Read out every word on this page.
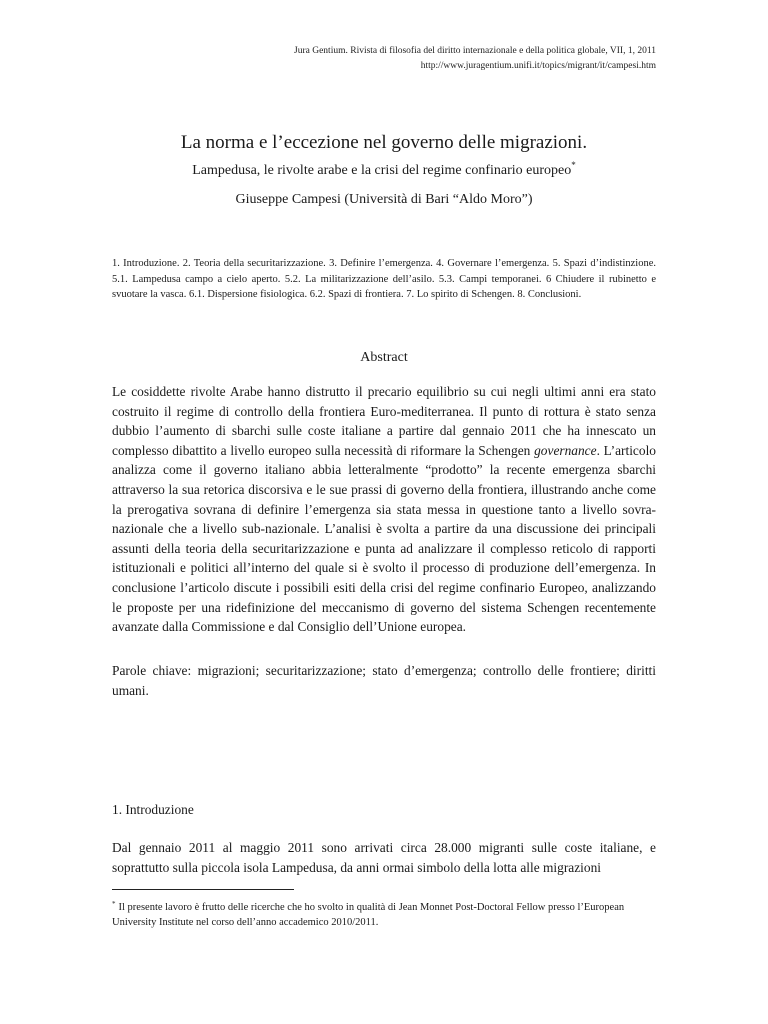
Jura Gentium. Rivista di filosofia del diritto internazionale e della politica globale, VII, 1, 2011
http://www.juragentium.unifi.it/topics/migrant/it/campesi.htm
La norma e l’eccezione nel governo delle migrazioni.
Lampedusa, le rivolte arabe e la crisi del regime confinario europeo*
Giuseppe Campesi (Università di Bari “Aldo Moro”)
1. Introduzione. 2. Teoria della securitarizzazione. 3. Definire l’emergenza. 4. Governare l’emergenza. 5. Spazi d’indistinzione. 5.1. Lampedusa campo a cielo aperto. 5.2. La militarizzazione dell’asilo. 5.3. Campi temporanei. 6 Chiudere il rubinetto e svuotare la vasca. 6.1. Dispersione fisiologica. 6.2. Spazi di frontiera. 7. Lo spirito di Schengen. 8. Conclusioni.
Abstract
Le cosiddette rivolte Arabe hanno distrutto il precario equilibrio su cui negli ultimi anni era stato costruito il regime di controllo della frontiera Euro-mediterranea. Il punto di rottura è stato senza dubbio l’aumento di sbarchi sulle coste italiane a partire dal gennaio 2011 che ha innescato un complesso dibattito a livello europeo sulla necessità di riformare la Schengen governance. L’articolo analizza come il governo italiano abbia letteralmente “prodotto” la recente emergenza sbarchi attraverso la sua retorica discorsiva e le sue prassi di governo della frontiera, illustrando anche come la prerogativa sovrana di definire l’emergenza sia stata messa in questione tanto a livello sovra-nazionale che a livello sub-nazionale. L’analisi è svolta a partire da una discussione dei principali assunti della teoria della securitarizzazione e punta ad analizzare il complesso reticolo di rapporti istituzionali e politici all’interno del quale si è svolto il processo di produzione dell’emergenza. In conclusione l’articolo discute i possibili esiti della crisi del regime confinario Europeo, analizzando le proposte per una ridefinizione del meccanismo di governo del sistema Schengen recentemente avanzate dalla Commissione e dal Consiglio dell’Unione europea.
Parole chiave: migrazioni; securitarizzazione; stato d’emergenza; controllo delle frontiere; diritti umani.
1. Introduzione
Dal gennaio 2011 al maggio 2011 sono arrivati circa 28.000 migranti sulle coste italiane, e soprattutto sulla piccola isola Lampedusa, da anni ormai simbolo della lotta alle migrazioni
* Il presente lavoro è frutto delle ricerche che ho svolto in qualità di Jean Monnet Post-Doctoral Fellow presso l’European University Institute nel corso dell’anno accademico 2010/2011.
